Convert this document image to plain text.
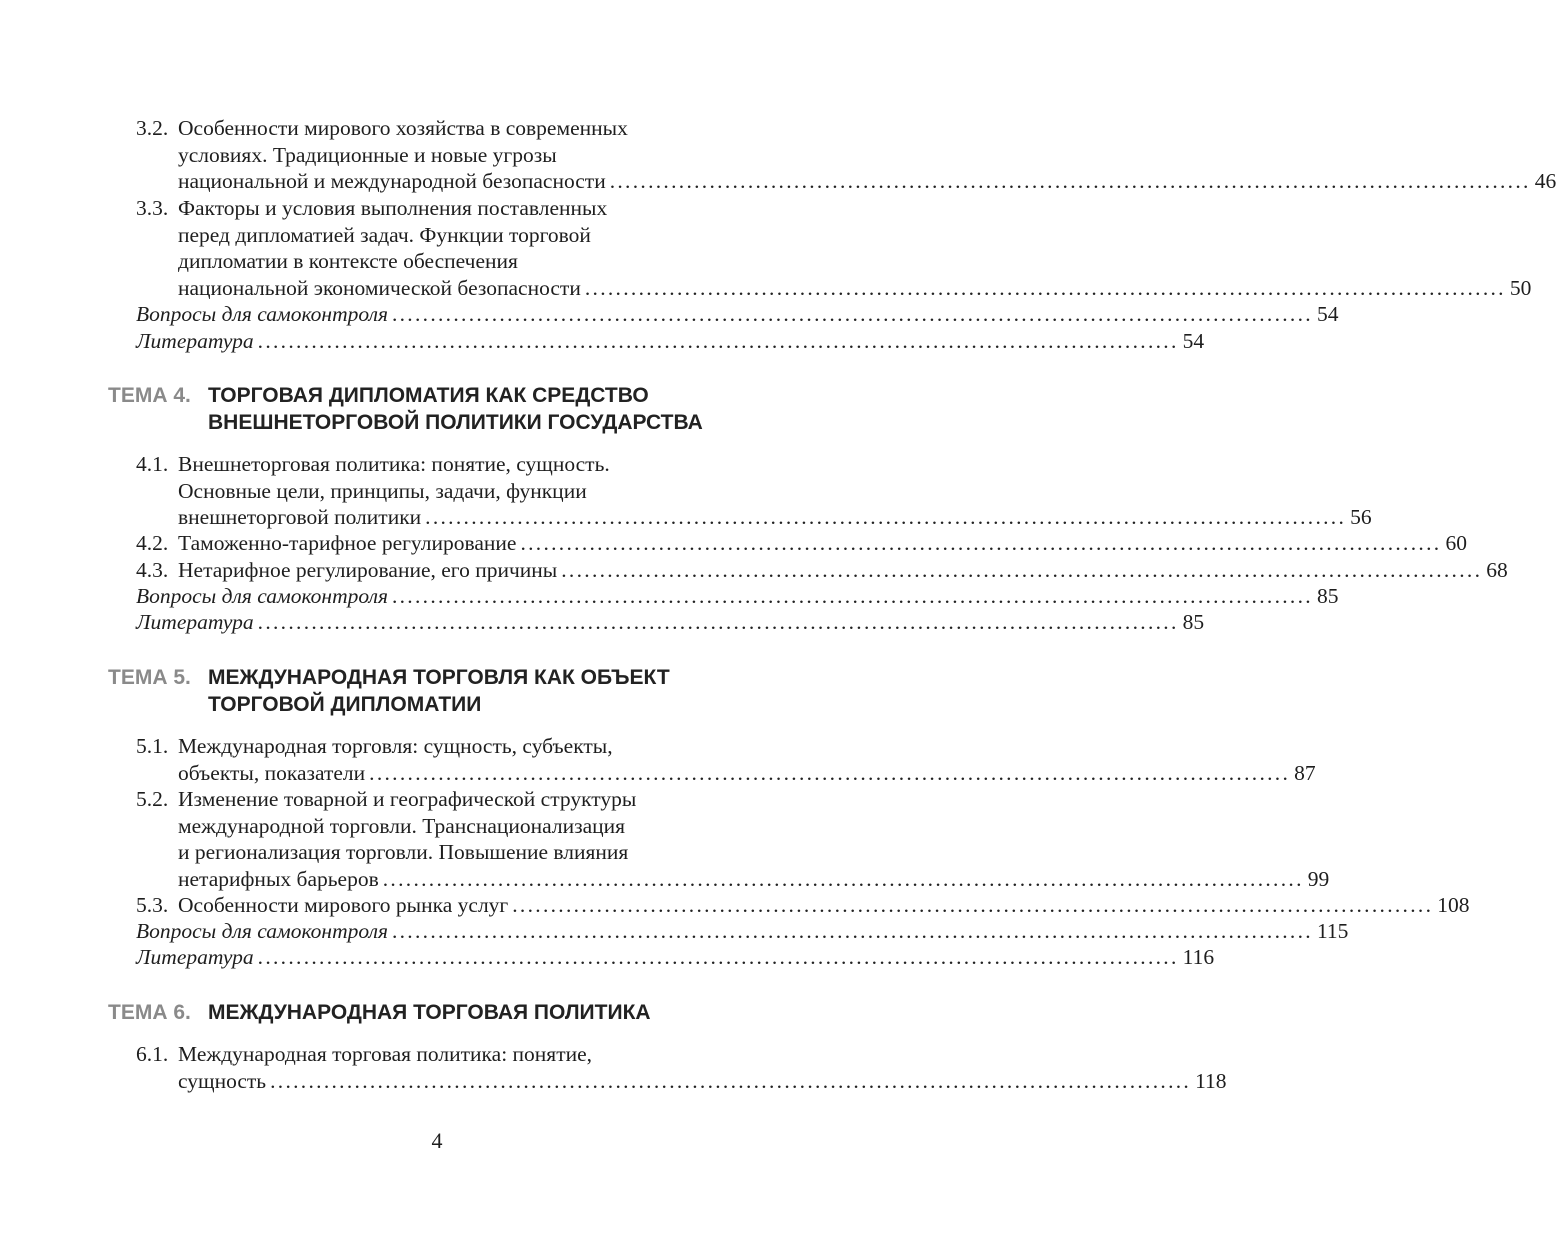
3.2. Особенности мирового хозяйства в современных
условиях. Традиционные и новые угрозы
национальной и международной безопасности ........................................................................................................................ 46
3.3. Факторы и условия выполнения поставленных
перед дипломатией задач. Функции торговой
дипломатии в контексте обеспечения
национальной экономической безопасности ........................................................................................................................ 50
Вопросы для самоконтроля ........................................................................................................................ 54
Литература ........................................................................................................................ 54
ТЕМА 4. ТОРГОВАЯ ДИПЛОМАТИЯ КАК СРЕДСТВО
ВНЕШНЕТОРГОВОЙ ПОЛИТИКИ ГОСУДАРСТВА
4.1. Внешнеторговая политика: понятие, сущность.
Основные цели, принципы, задачи, функции
внешнеторговой политики ........................................................................................................................ 56
4.2. Таможенно-тарифное регулирование ........................................................................................................................ 60
4.3. Нетарифное регулирование, его причины ........................................................................................................................ 68
Вопросы для самоконтроля ........................................................................................................................ 85
Литература ........................................................................................................................ 85
ТЕМА 5. МЕЖДУНАРОДНАЯ ТОРГОВЛЯ КАК ОБЪЕКТ
ТОРГОВОЙ ДИПЛОМАТИИ
5.1. Международная торговля: сущность, субъекты,
объекты, показатели ........................................................................................................................ 87
5.2. Изменение товарной и географической структуры
международной торговли. Транснационализация
и регионализация торговли. Повышение влияния
нетарифных барьеров ........................................................................................................................ 99
5.3. Особенности мирового рынка услуг ........................................................................................................................ 108
Вопросы для самоконтроля ........................................................................................................................ 115
Литература ........................................................................................................................ 116
ТЕМА 6. МЕЖДУНАРОДНАЯ ТОРГОВАЯ ПОЛИТИКА
6.1. Международная торговая политика: понятие,
сущность ........................................................................................................................ 118
4
